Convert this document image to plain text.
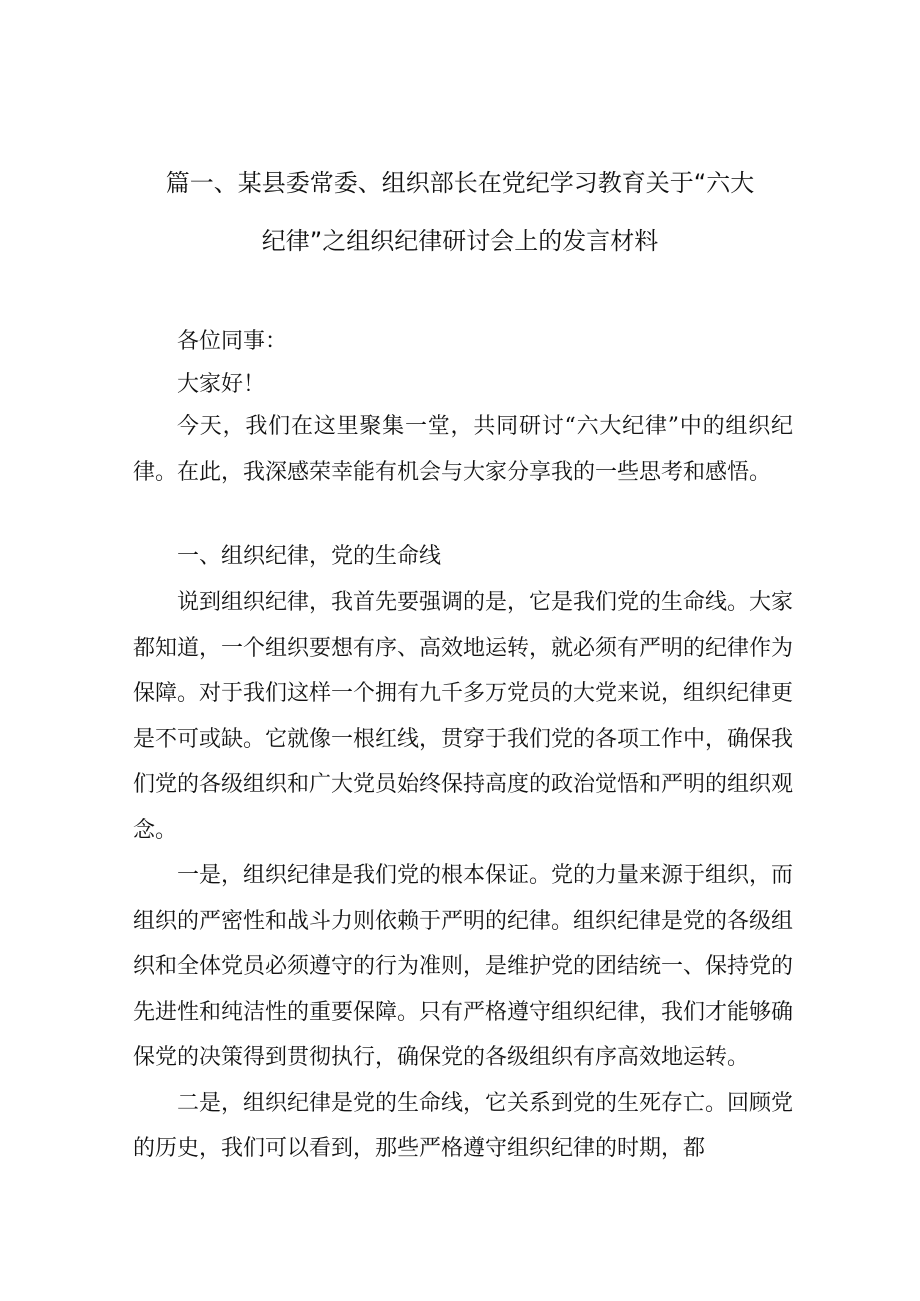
篇一、某县委常委、组织部长在党纪学习教育关于“六大
纪律”之组织纪律研讨会上的发言材料
各位同事：
大家好！

今天，我们在这里聚集一堂，共同研讨“六大纪律”中的组织纪律。在此，我深感荣幸能有机会与大家分享我的一些思考和感悟。

一、组织纪律，党的生命线

说到组织纪律，我首先要强调的是，它是我们党的生命线。大家都知道，一个组织要想有序、高效地运转，就必须有严明的纪律作为保障。对于我们这样一个拥有九千多万党员的大党来说，组织纪律更是不可或缺。它就像一根红线，贯穿于我们党的各项工作中，确保我们党的各级组织和广大党员始终保持高度的政治觉悟和严明的组织观念。

一是，组织纪律是我们党的根本保证。党的力量来源于组织，而组织的严密性和战斗力则依赖于严明的纪律。组织纪律是党的各级组织和全体党员必须遵守的行为准则，是维护党的团结统一、保持党的先进性和纯洁性的重要保障。只有严格遵守组织纪律，我们才能够确保党的决策得到贯彻执行，确保党的各级组织有序高效地运转。

二是，组织纪律是党的生命线，它关系到党的生死存亡。回顾党的历史，我们可以看到，那些严格遵守组织纪律的时期，都
